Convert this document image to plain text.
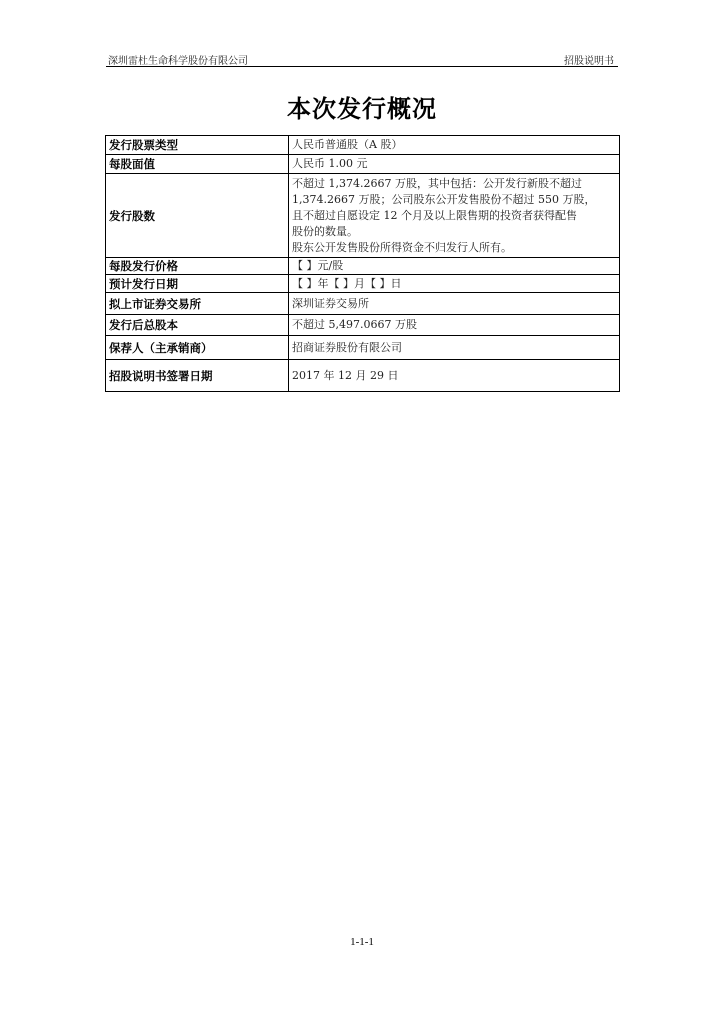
深圳雷杜生命科学股份有限公司	招股说明书
本次发行概况
发行股票类型	人民币普通股（A 股）
每股面值	人民币 1.00 元
发行股数	不超过 1,374.2667 万股，其中包括：公开发行新股不超过
1,374.2667 万股；公司股东公开发售股份不超过 550 万股，
且不超过自愿设定 12 个月及以上限售期的投资者获得配售
股份的数量。
股东公开发售股份所得资金不归发行人所有。

每股发行价格	【 】元/股
预计发行日期	【 】年【 】月【 】日
拟上市证券交易所	深圳证券交易所
发行后总股本	不超过 5,497.0667 万股
保荐人（主承销商）	招商证券股份有限公司
招股说明书签署日期	2017 年 12 月 29 日
1-1-1
